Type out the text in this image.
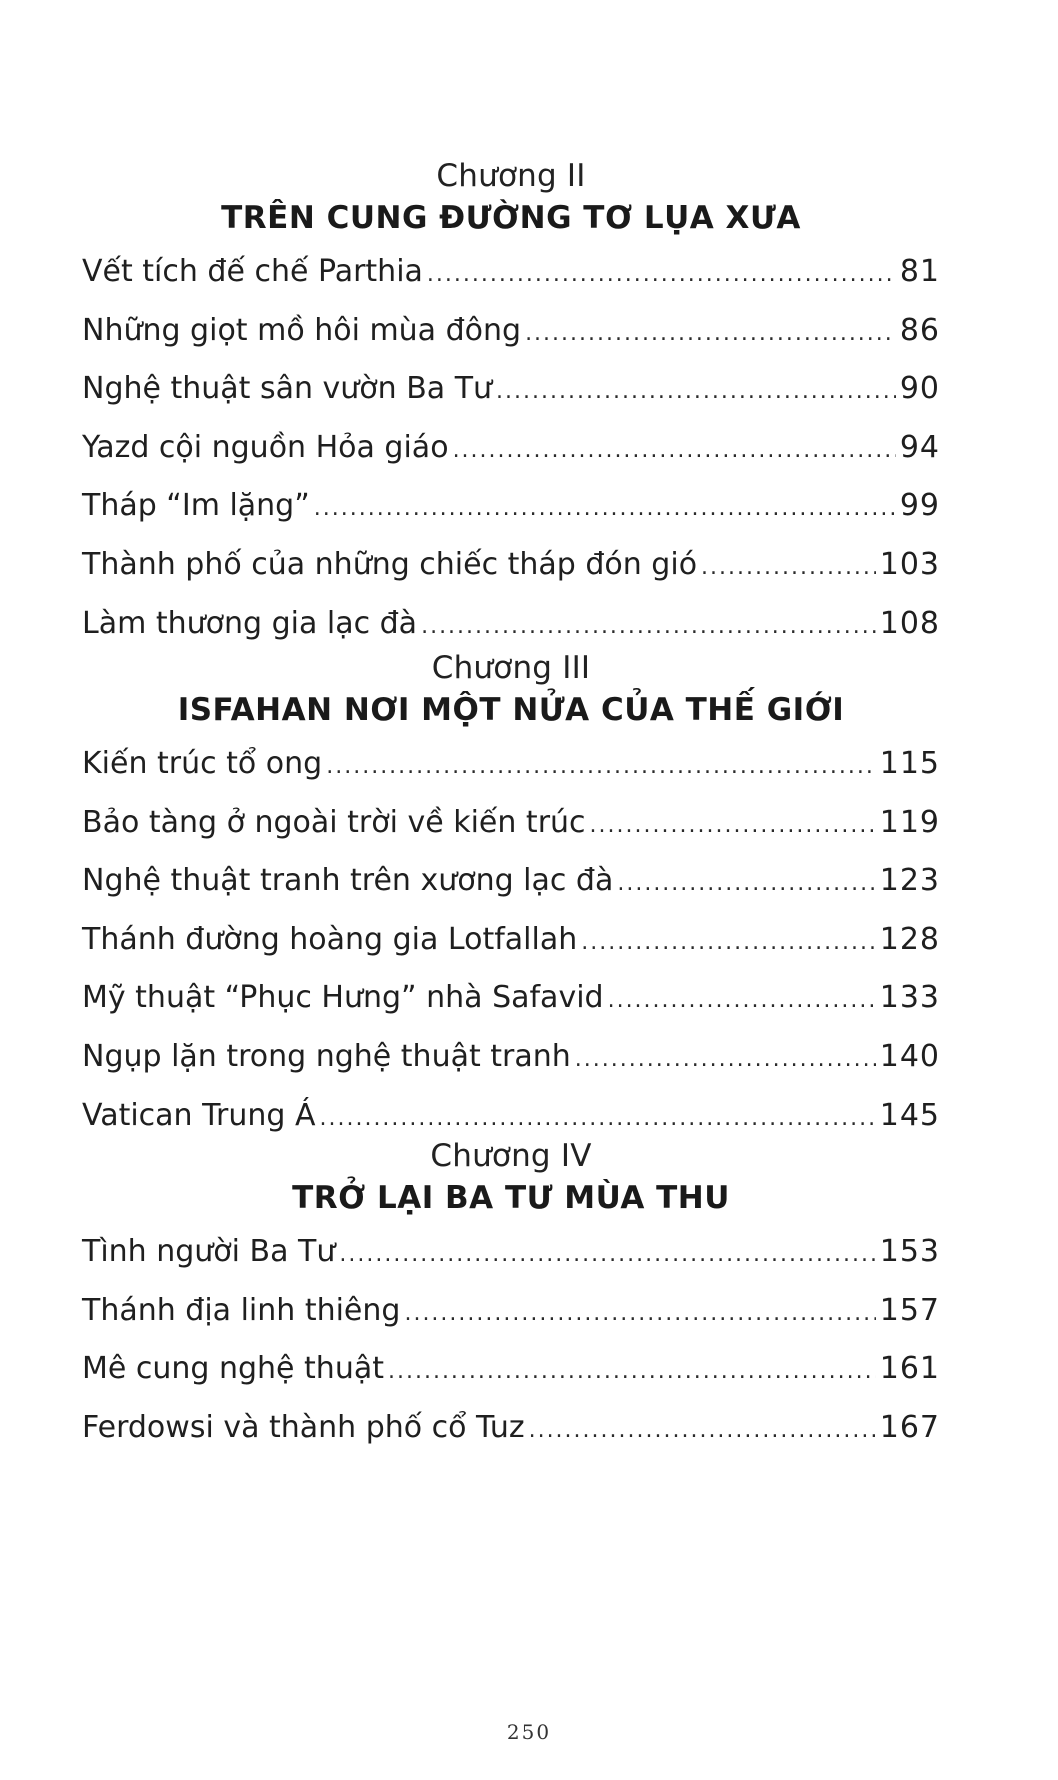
Chương II
TRÊN CUNG ĐƯỜNG TƠ LỤA XƯA
Vết tích đế chế Parthia .....	81
Những giọt mồ hôi mùa đông .....	86
Nghệ thuật sân vườn Ba Tư .....	90
Yazd cội nguồn Hỏa giáo .....	94
Tháp “Im lặng” .....	99
Thành phố của những chiếc tháp đón gió .....	103
Làm thương gia lạc đà .....	108
Chương III
ISFAHAN NƠI MỘT NỬA CỦA THẾ GIỚI
Kiến trúc tổ ong .....	115
Bảo tàng ở ngoài trời về kiến trúc .....	119
Nghệ thuật tranh trên xương lạc đà .....	123
Thánh đường hoàng gia Lotfallah .....	128
Mỹ thuật “Phục Hưng” nhà Safavid .....	133
Ngụp lặn trong nghệ thuật tranh .....	140
Vatican Trung Á .....	145
Chương IV
TRỞ LẠI BA TƯ MÙA THU
Tình người Ba Tư .....	153
Thánh địa linh thiêng .....	157
Mê cung nghệ thuật .....	161
Ferdowsi và thành phố cổ Tuz .....	167
250
